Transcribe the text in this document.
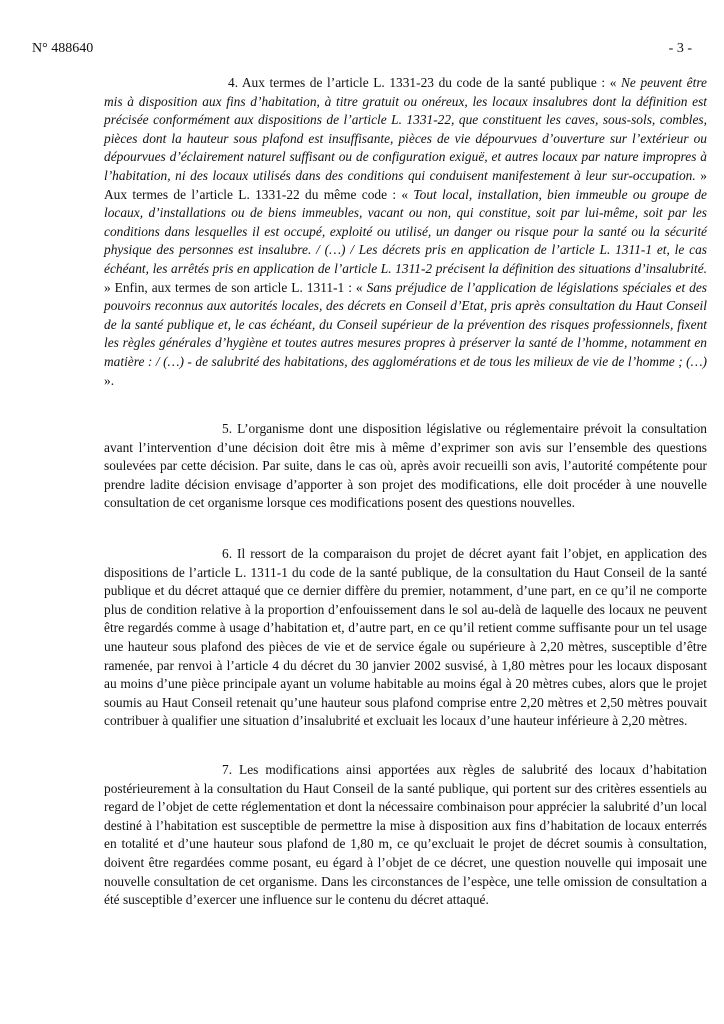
N° 488640	- 3 -

4. Aux termes de l’article L. 1331-23 du code de la santé publique : « Ne peuvent être mis à disposition aux fins d’habitation, à titre gratuit ou onéreux, les locaux insalubres dont la définition est précisée conformément aux dispositions de l’article L. 1331-22, que constituent les caves, sous-sols, combles, pièces dont la hauteur sous plafond est insuffisante, pièces de vie dépourvues d’ouverture sur l’extérieur ou dépourvues d’éclairement naturel suffisant ou de configuration exiguë, et autres locaux par nature impropres à l’habitation, ni des locaux utilisés dans des conditions qui conduisent manifestement à leur sur-occupation. » Aux termes de l’article L. 1331-22 du même code : « Tout local, installation, bien immeuble ou groupe de locaux, d’installations ou de biens immeubles, vacant ou non, qui constitue, soit par lui-même, soit par les conditions dans lesquelles il est occupé, exploité ou utilisé, un danger ou risque pour la santé ou la sécurité physique des personnes est insalubre. / (…) / Les décrets pris en application de l’article L. 1311-1 et, le cas échéant, les arrêtés pris en application de l’article L. 1311-2 précisent la définition des situations d’insalubrité. » Enfin, aux termes de son article L. 1311-1 : « Sans préjudice de l’application de législations spéciales et des pouvoirs reconnus aux autorités locales, des décrets en Conseil d’Etat, pris après consultation du Haut Conseil de la santé publique et, le cas échéant, du Conseil supérieur de la prévention des risques professionnels, fixent les règles générales d’hygiène et toutes autres mesures propres à préserver la santé de l’homme, notamment en matière : / (…) - de salubrité des habitations, des agglomérations et de tous les milieux de vie de l’homme ; (…) ».

5. L’organisme dont une disposition législative ou réglementaire prévoit la consultation avant l’intervention d’une décision doit être mis à même d’exprimer son avis sur l’ensemble des questions soulevées par cette décision. Par suite, dans le cas où, après avoir recueilli son avis, l’autorité compétente pour prendre ladite décision envisage d’apporter à son projet des modifications, elle doit procéder à une nouvelle consultation de cet organisme lorsque ces modifications posent des questions nouvelles.

6. Il ressort de la comparaison du projet de décret ayant fait l’objet, en application des dispositions de l’article L. 1311-1 du code de la santé publique, de la consultation du Haut Conseil de la santé publique et du décret attaqué que ce dernier diffère du premier, notamment, d’une part, en ce qu’il ne comporte plus de condition relative à la proportion d’enfouissement dans le sol au-delà de laquelle des locaux ne peuvent être regardés comme à usage d’habitation et, d’autre part, en ce qu’il retient comme suffisante pour un tel usage une hauteur sous plafond des pièces de vie et de service égale ou supérieure à 2,20 mètres, susceptible d’être ramenée, par renvoi à l’article 4 du décret du 30 janvier 2002 susvisé, à 1,80 mètres pour les locaux disposant au moins d’une pièce principale ayant un volume habitable au moins égal à 20 mètres cubes, alors que le projet soumis au Haut Conseil retenait qu’une hauteur sous plafond comprise entre 2,20 mètres et 2,50 mètres pouvait contribuer à qualifier une situation d’insalubrité et excluait les locaux d’une hauteur inférieure à 2,20 mètres.

7. Les modifications ainsi apportées aux règles de salubrité des locaux d’habitation postérieurement à la consultation du Haut Conseil de la santé publique, qui portent sur des critères essentiels au regard de l’objet de cette réglementation et dont la nécessaire combinaison pour apprécier la salubrité d’un local destiné à l’habitation est susceptible de permettre la mise à disposition aux fins d’habitation de locaux enterrés en totalité et d’une hauteur sous plafond de 1,80 m, ce qu’excluait le projet de décret soumis à consultation, doivent être regardées comme posant, eu égard à l’objet de ce décret, une question nouvelle qui imposait une nouvelle consultation de cet organisme. Dans les circonstances de l’espèce, une telle omission de consultation a été susceptible d’exercer une influence sur le contenu du décret attaqué.
